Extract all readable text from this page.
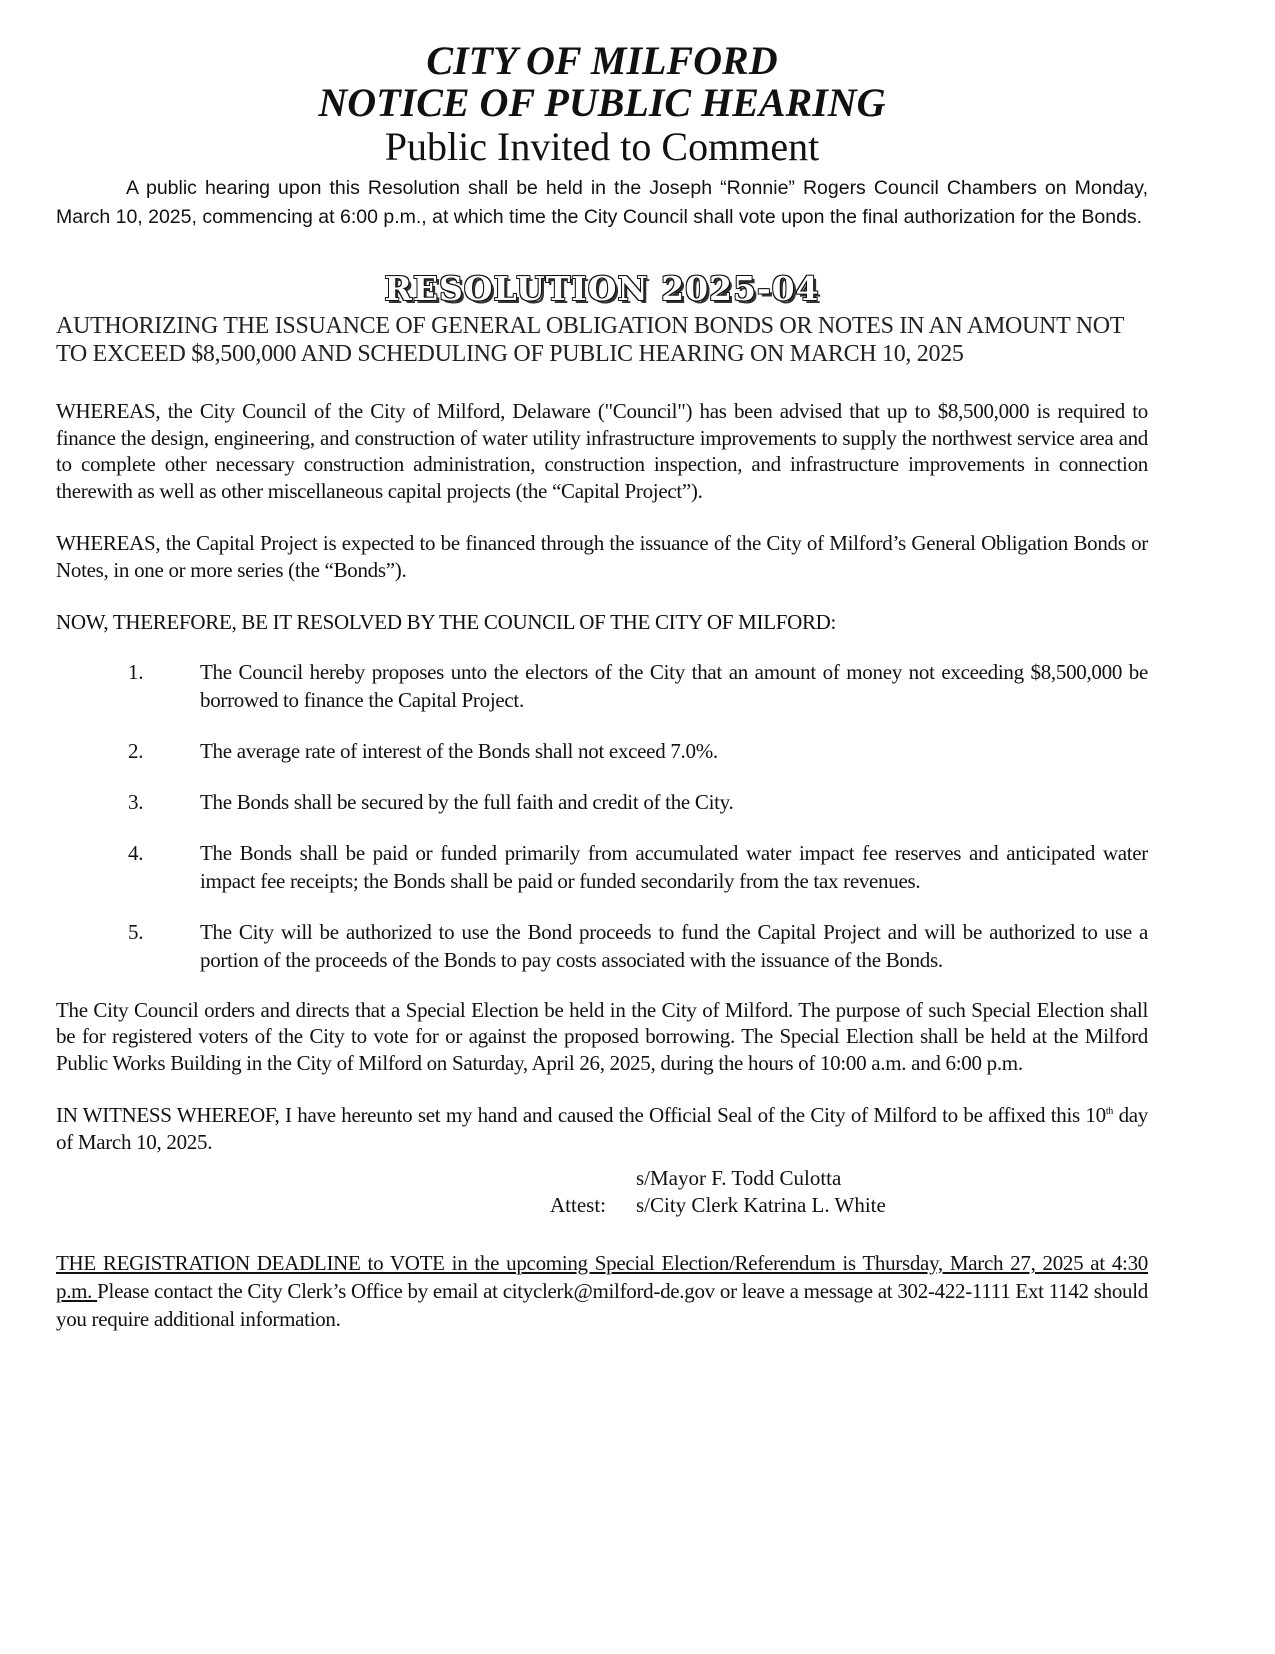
CITY OF MILFORD
NOTICE OF PUBLIC HEARING
Public Invited to Comment
A public hearing upon this Resolution shall be held in the Joseph “Ronnie” Rogers Council Chambers on Monday, March 10, 2025, commencing at 6:00 p.m., at which time the City Council shall vote upon the final authorization for the Bonds.
RESOLUTION 2025-04
AUTHORIZING THE ISSUANCE OF GENERAL OBLIGATION BONDS OR NOTES IN AN AMOUNT NOT TO EXCEED $8,500,000 AND SCHEDULING OF PUBLIC HEARING ON MARCH 10, 2025
WHEREAS, the City Council of the City of Milford, Delaware ("Council") has been advised that up to $8,500,000 is required to finance the design, engineering, and construction of water utility infrastructure improvements to supply the northwest service area and to complete other necessary construction administration, construction inspection, and infrastructure improvements in connection therewith as well as other miscellaneous capital projects (the “Capital Project”).
WHEREAS, the Capital Project is expected to be financed through the issuance of the City of Milford’s General Obligation Bonds or Notes, in one or more series (the “Bonds”).
NOW, THEREFORE, BE IT RESOLVED BY THE COUNCIL OF THE CITY OF MILFORD:
1.	The Council hereby proposes unto the electors of the City that an amount of money not exceeding $8,500,000 be borrowed to finance the Capital Project.
2.	The average rate of interest of the Bonds shall not exceed 7.0%.
3.	The Bonds shall be secured by the full faith and credit of the City.
4.	The Bonds shall be paid or funded primarily from accumulated water impact fee reserves and anticipated water impact fee receipts; the Bonds shall be paid or funded secondarily from the tax revenues.
5.	The City will be authorized to use the Bond proceeds to fund the Capital Project and will be authorized to use a portion of the proceeds of the Bonds to pay costs associated with the issuance of the Bonds.
The City Council orders and directs that a Special Election be held in the City of Milford. The purpose of such Special Election shall be for registered voters of the City to vote for or against the proposed borrowing. The Special Election shall be held at the Milford Public Works Building in the City of Milford on Saturday, April 26, 2025, during the hours of 10:00 a.m. and 6:00 p.m.
IN WITNESS WHEREOF, I have hereunto set my hand and caused the Official Seal of the City of Milford to be affixed this 10th day of March 10, 2025.
s/Mayor F. Todd Culotta
Attest: s/City Clerk Katrina L. White
THE REGISTRATION DEADLINE to VOTE in the upcoming Special Election/Referendum is Thursday, March 27, 2025 at 4:30 p.m. Please contact the City Clerk’s Office by email at cityclerk@milford-de.gov or leave a message at 302-422-1111 Ext 1142 should you require additional information.
